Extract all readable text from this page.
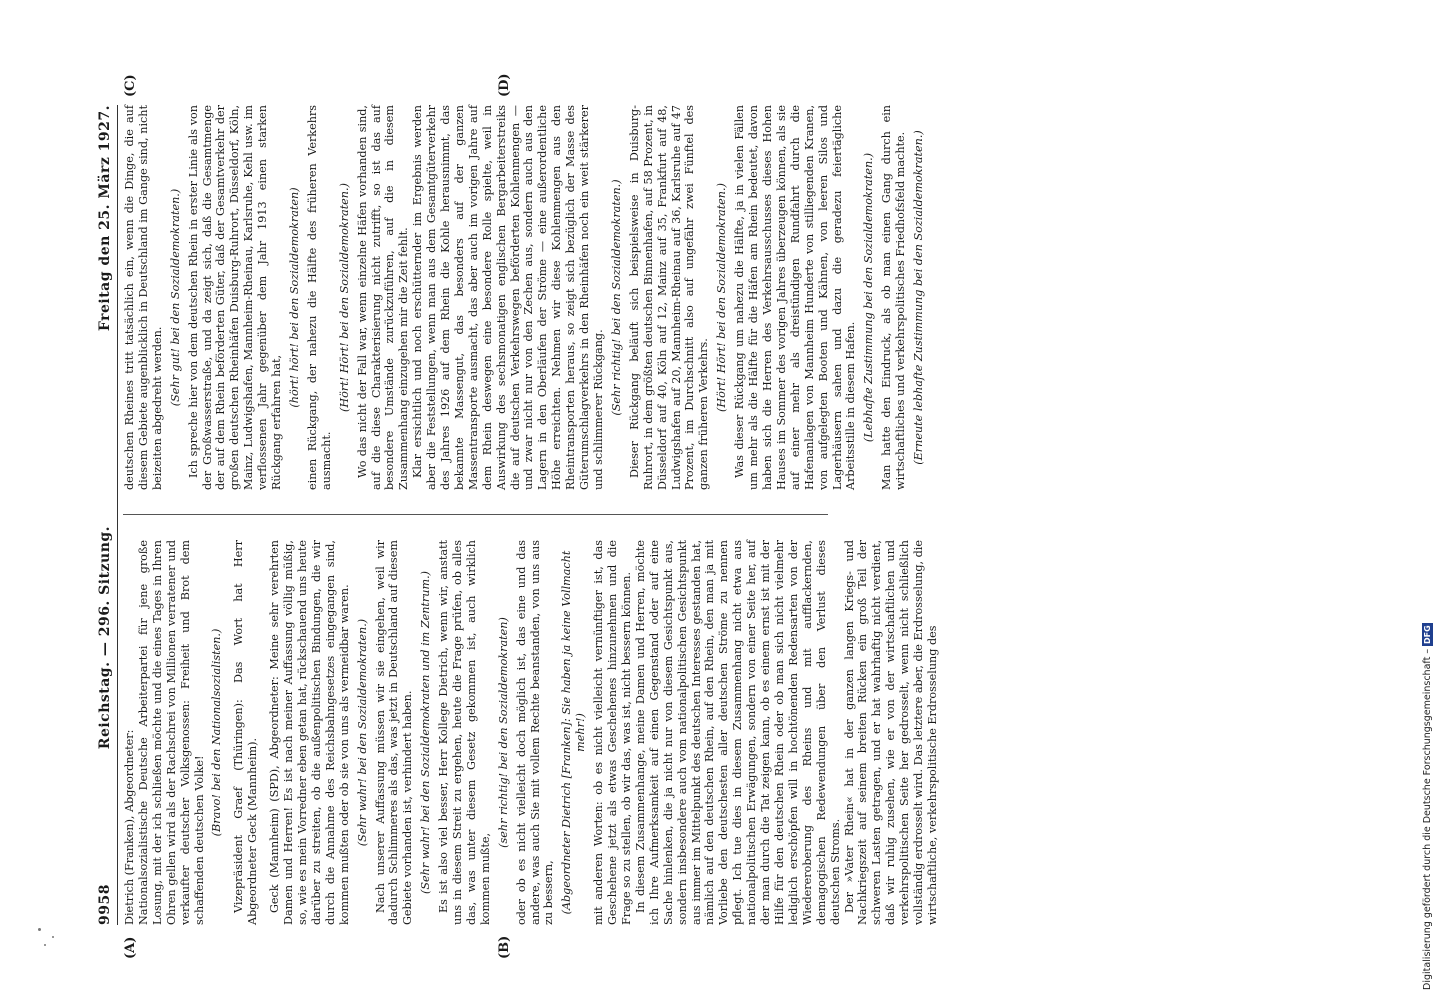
9958
Reichstag. — 296. Sitzung.
Freitag den 25. März 1927.

Dietrich (Franken), Abgeordneter: Nationalsozialistische Deutsche Arbeiterpartei für jene große Losung, mit der ich schließen möchte und die eines Tages in Ihren Ohren gellen wird als der Rachschrei von Millionen verratener und verkaufter deutscher Volksgenossen: Freiheit und Brot dem schaffenden deutschen Volke!

(Bravo! bei den Nationalsozialisten.) Vizepräsident Graef (Thüringen): Das Wort hat Herr Abgeordneter Geck (Mannheim). Geck (Mannheim) (SPD), Abgeordneter: Meine sehr verehrten Damen und Herren! Es ist nach meiner Auffassung völlig müßig, so, wie es mein Vorredner eben getan hat, rückschauend uns heute darüber zu streiten, ob die außenpolitischen Bindungen, die wir durch die Annahme des Reichsbahngesetzes eingegangen sind, kommen mußten oder ob sie von uns als vermeidbar waren. (Sehr wahr! bei den Sozialdemokraten.) Nach unserer Auffassung müssen wir sie eingehen, weil wir dadurch Schlimmeres als das, was jetzt in Deutschland auf diesem Gebiete vorhanden ist, verhindert haben. (Sehr wahr! bei den Sozialdemokraten und im Zentrum.) Es ist also viel besser, Herr Kollege Dietrich, wenn wir, anstatt uns in diesem Streit zu ergehen, heute die Frage prüfen, ob alles das, was unter diesem Gesetz gekommen ist, auch wirklich kommen mußte,

(sehr richtig! bei den Sozialdemokraten) oder ob es nicht vielleicht doch möglich ist, das eine und das andere, was auch Sie mit vollem Rechte beanstanden, von uns aus zu bessern, (Abgeordneter Dietrich [Franken]: Sie haben ja keine Vollmacht mehr!) mit anderen Worten: ob es nicht vielleicht vernünftiger ist, das Geschehene jetzt als etwas Geschehenes hinzunehmen und die Frage so zu stellen, ob wir das, was ist, nicht bessern können. In diesem Zusammenhange, meine Damen und Herren, möchte ich Ihre Aufmerksamkeit auf einen Gegenstand oder auf eine Sache hinlenken, die ja nicht nur von diesem Gesichtspunkt aus, sondern insbesondere auch vom nationalpolitischen Gesichtspunkt aus immer im Mittelpunkt des deutschen Interesses gestanden hat, nämlich auf den deutschen Rhein, auf den Rhein, den man ja mit Vorliebe den deutschesten aller deutschen Ströme zu nennen pflegt. Ich tue dies in diesem Zusammenhang nicht etwa aus nationalpolitischen Erwägungen, sondern von einer Seite her, auf der man durch die Tat zeigen kann, ob es einem ernst ist mit der Hilfe für den deutschen Rhein oder ob man sich nicht vielmehr lediglich erschöpfen will in hochtönenden Redensarten von der Wiedereroberung des Rheins und mit aufflackernden, demagogischen Redewendungen über den Verlust dieses deutschen Stroms. Der »Vater Rhein« hat in der ganzen langen Kriegs- und Nachkriegszeit auf seinem breiten Rücken ein groß Teil der schweren Lasten getragen, und er hat wahrhaftig nicht verdient, daß wir ruhig zusehen, wie er von der wirtschaftlichen und verkehrspolitischen Seite her gedrosselt, wenn nicht schließlich vollständig erdrosselt wird. Das letztere aber, die Erdrosselung, die wirtschaftliche, verkehrspolitische Erdrosselung des

deutschen Rheines tritt tatsächlich ein, wenn die Dinge, die auf diesem Gebiete augenblicklich in Deutschland im Gange sind, nicht beizeiten abgedreht werden.

(Sehr gut! bei den Sozialdemokraten.) Ich spreche hier von dem deutschen Rhein in erster Linie als von der Großwasserstraße, und da zeigt sich, daß die Gesamtmenge der auf dem Rhein beförderten Güter, daß der Gesamtverkehr der großen deutschen Rheinhäfen Duisburg-Ruhrort, Düsseldorf, Köln, Mainz, Ludwigshafen, Mannheim-Rheinau, Karlsruhe, Kehl usw. im verflossenen Jahr gegenüber dem Jahr 1913 einen starken Rückgang erfahren hat,

(hört! hört! bei den Sozialdemokraten) einen Rückgang, der nahezu die Hälfte des früheren Verkehrs ausmacht.

(Hört! Hört! bei den Sozialdemokraten.) Wo das nicht der Fall war, wenn einzelne Häfen vorhanden sind, auf die diese Charakterisierung nicht zutrifft, so ist das auf besondere Umstände zurückzuführen, auf die in diesem Zusammenhang einzugehen mir die Zeit fehlt. Klar ersichtlich und noch erschütternder im Ergebnis werden aber die Feststellungen, wenn man aus dem Gesamtgüterverkehr des Jahres 1926 auf dem Rhein die Kohle herausnimmt, das bekannte Massengut, das besonders auf der ganzen Massentransporte ausmacht, das aber auch im vorigen Jahre auf dem Rhein deswegen eine besondere Rolle spielte, weil in Auswirkung des sechsmonatigen englischen Bergarbeiterstreiks die auf deutschen Verkehrswegen beförderten Kohlenmengen — und zwar nicht nur von den Zechen aus, sondern auch aus den Lagern in den Oberläufen der Ströme — eine außerordentliche Höhe erreichten. Nehmen wir diese Kohlenmengen aus den Rheintransporten heraus, so zeigt sich bezüglich der Masse des Güterumschlagverkehrs in den Rheinhäfen noch ein weit stärkerer und schlimmerer Rückgang. (Sehr richtig! bei den Sozialdemokraten.) Dieser Rückgang beläuft sich beispielsweise in Duisburg-Ruhrort, in dem größten deutschen Binnenhafen, auf 58 Prozent, in Düsseldorf auf 40, Köln auf 12, Mainz auf 35, Frankfurt auf 48, Ludwigshafen auf 20, Mannheim-Rheinau auf 36, Karlsruhe auf 47 Prozent, im Durchschnitt also auf ungefähr zwei Fünftel des ganzen früheren Verkehrs.

(Hört! Hört! bei den Sozialdemokraten.) Was dieser Rückgang um nahezu die Hälfte, ja in vielen Fällen um mehr als die Hälfte für die Häfen am Rhein bedeutet, davon haben sich die Herren des Verkehrsausschusses dieses Hohen Hauses im Sommer des vorigen Jahres überzeugen können, als sie auf einer mehr als dreistündigen Rundfahrt durch die Hafenanlagen von Mannheim Hunderte von stilliegenden Kranen, von aufgelegten Booten und Kähnen, von leeren Silos und Lagerhäusern sahen und dazu die geradezu feiertägliche Arbeitsstille in diesem Hafen. (Lebhafte Zustimmung bei den Sozialdemokraten.) Man hatte den Eindruck, als ob man einen Gang durch ein wirtschaftliches und verkehrspolitisches Friedhofsfeld machte. (Erneute lebhafte Zustimmung bei den Sozialdemokraten.)

(A)	(B)
(C)	(D)
Digitalisierung gefördert durch die Deutsche Forschungsgemeinschaft – DFG
